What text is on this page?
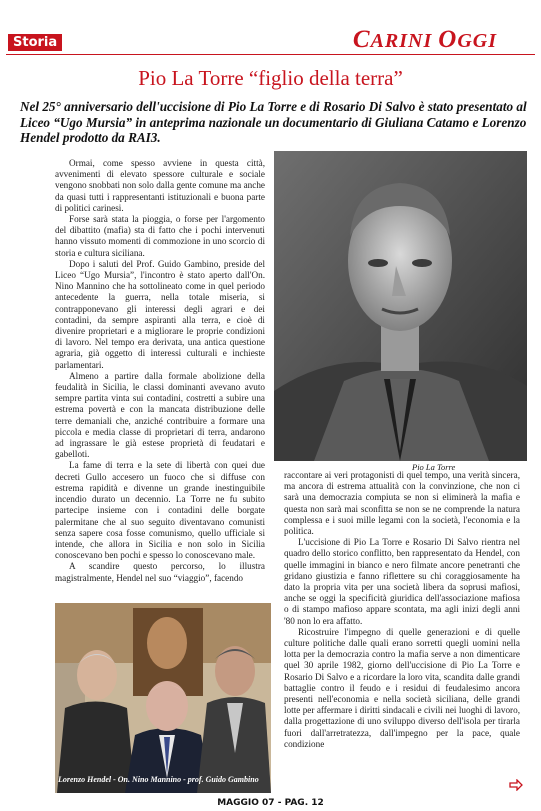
Storia	CARINI OGGI
Pio La Torre “figlio della terra”
Nel 25° anniversario dell'uccisione di Pio La Torre e di Rosario Di Salvo è stato presentato al Liceo “Ugo Mursia” in anteprima nazionale un documentario di Giuliana Catamo e Lorenzo Hendel prodotto da RAI3.

Ormai, come spesso avviene in questa città, avvenimenti di elevato spessore culturale e sociale vengono snobbati non solo dalla gente comune ma anche da quasi tutti i rappresentanti istituzionali e buona parte di politici carinesi.

Forse sarà stata la pioggia, o forse per l'argomento del dibattito (mafia) sta di fatto che i pochi intervenuti hanno vissuto momenti di commozione in uno scorcio di storia e cultura siciliana.

Dopo i saluti del Prof. Guido Gambino, preside del Liceo “Ugo Mursia”, l'incontro è stato aperto dall'On. Nino Mannino che ha sottolineato come in quel periodo antecedente la guerra, nella totale miseria, si contrapponevano gli interessi degli agrari e dei contadini, da sempre aspiranti alla terra, e cioè di divenire proprietari e a migliorare le proprie condizioni di lavoro. Nel tempo era derivata, una antica questione agraria, già oggetto di interessi culturali e inchieste parlamentari.

Almeno a partire dalla formale abolizione della feudalità in Sicilia, le classi dominanti avevano avuto sempre partita vinta sui contadini, costretti a subire una estrema povertà e con la mancata distribuzione delle terre demaniali che, anziché contribuire a formare una piccola e media classe di proprietari di terra, andarono ad ingrassare le già estese proprietà di feudatari e gabelloti.

La fame di terra e la sete di libertà con quei due decreti Gullo accesero un fuoco che si diffuse con estrema rapidità e divenne un grande inestinguibile incendio durato un decennio. La Torre ne fu subito partecipe insieme con i contadini delle borgate palermitane che al suo seguito diventavano comunisti senza sapere cosa fosse comunismo, quello ufficiale si intende, che allora in Sicilia e non solo in Sicilia conoscevano ben pochi e spesso lo conoscevano male.

A scandire questo percorso, lo illustra magistralmente, Hendel nel suo “viaggio”, facendo

Pio La Torre

raccontare ai veri protagonisti di quel tempo, una verità sincera, ma ancora di estrema attualità con la convinzione, che non ci sarà una democrazia compiuta se non si eliminerà la mafia e questa non sarà mai sconfitta se non se ne comprende la natura complessa e i suoi mille legami con la società, l'economia e la politica.

L'uccisione di Pio La Torre e Rosario Di Salvo rientra nel quadro dello storico conflitto, ben rappresentato da Hendel, con quelle immagini in bianco e nero filmate ancore penetranti che gridano giustizia e fanno riflettere su chi coraggiosamente ha dato la propria vita per una società libera da soprusi mafiosi, anche se oggi la specificità giuridica dell'associazione mafiosa o di stampo mafioso appare scontata, ma agli inizi degli anni '80 non lo era affatto.

Ricostruire l'impegno di quelle generazioni e di quelle culture politiche dalle quali erano sorretti quegli uomini nella lotta per la democrazia contro la mafia serve a non dimenticare quel 30 aprile 1982, giorno dell'uccisione di Pio La Torre e Rosario Di Salvo e a ricordare la loro vita, scandita dalle grandi battaglie contro il feudo e i residui di feudalesimo ancora presenti nell'economia e nella società siciliana, delle grandi lotte per affermare i diritti sindacali e civili nei luoghi di lavoro, dalla progettazione di uno sviluppo diverso dell'isola per tirarla fuori dall'arretratezza, dall'impegno per la pace, quale condizione

Lorenzo Hendel - On. Nino Mannino - prof. Guido Gambino
MAGGIO 07 - PAG. 12
